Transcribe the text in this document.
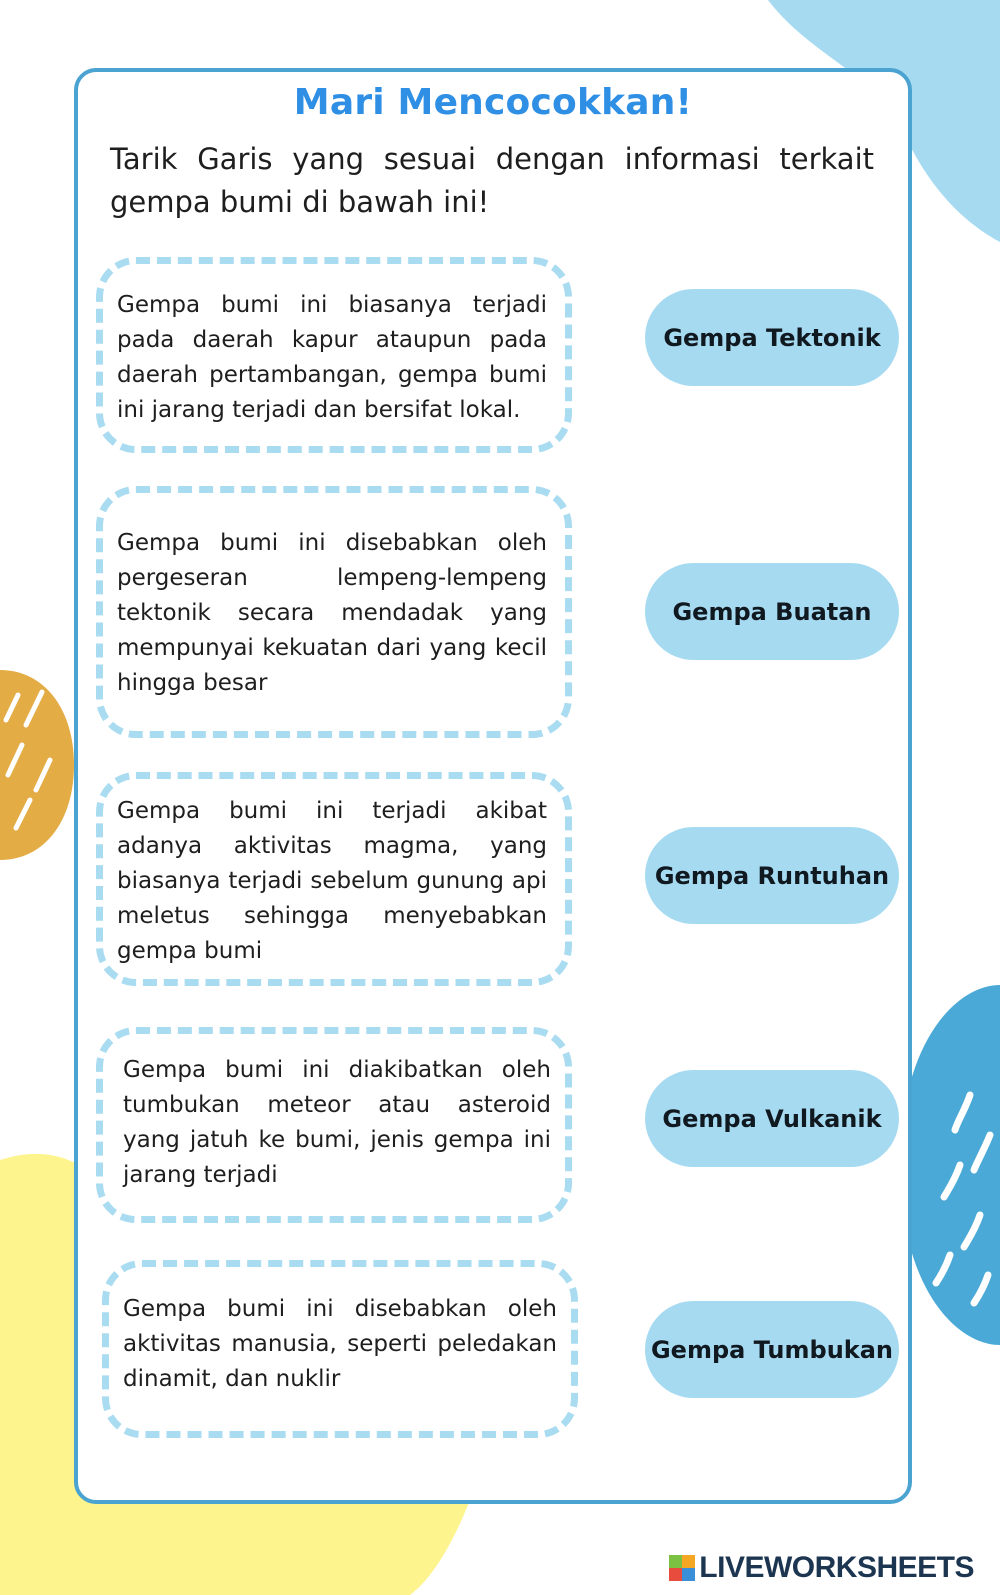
Mari Mencocokkan!
Tarik Garis yang sesuai dengan informasi terkait gempa bumi di bawah ini!
Gempa bumi ini biasanya terjadi pada daerah kapur ataupun pada daerah pertambangan, gempa bumi ini jarang terjadi dan bersifat lokal.
Gempa bumi ini disebabkan oleh pergeseran lempeng-lempeng tektonik secara mendadak yang mempunyai kekuatan dari yang kecil hingga besar
Gempa bumi ini terjadi akibat adanya aktivitas magma, yang biasanya terjadi sebelum gunung api meletus sehingga menyebabkan gempa bumi
Gempa bumi ini diakibatkan oleh tumbukan meteor atau asteroid yang jatuh ke bumi, jenis gempa ini jarang terjadi
Gempa bumi ini disebabkan oleh aktivitas manusia, seperti peledakan dinamit, dan nuklir
Gempa Tektonik
Gempa Buatan
Gempa Runtuhan
Gempa Vulkanik
Gempa Tumbukan
LIVEWORKSHEETS
